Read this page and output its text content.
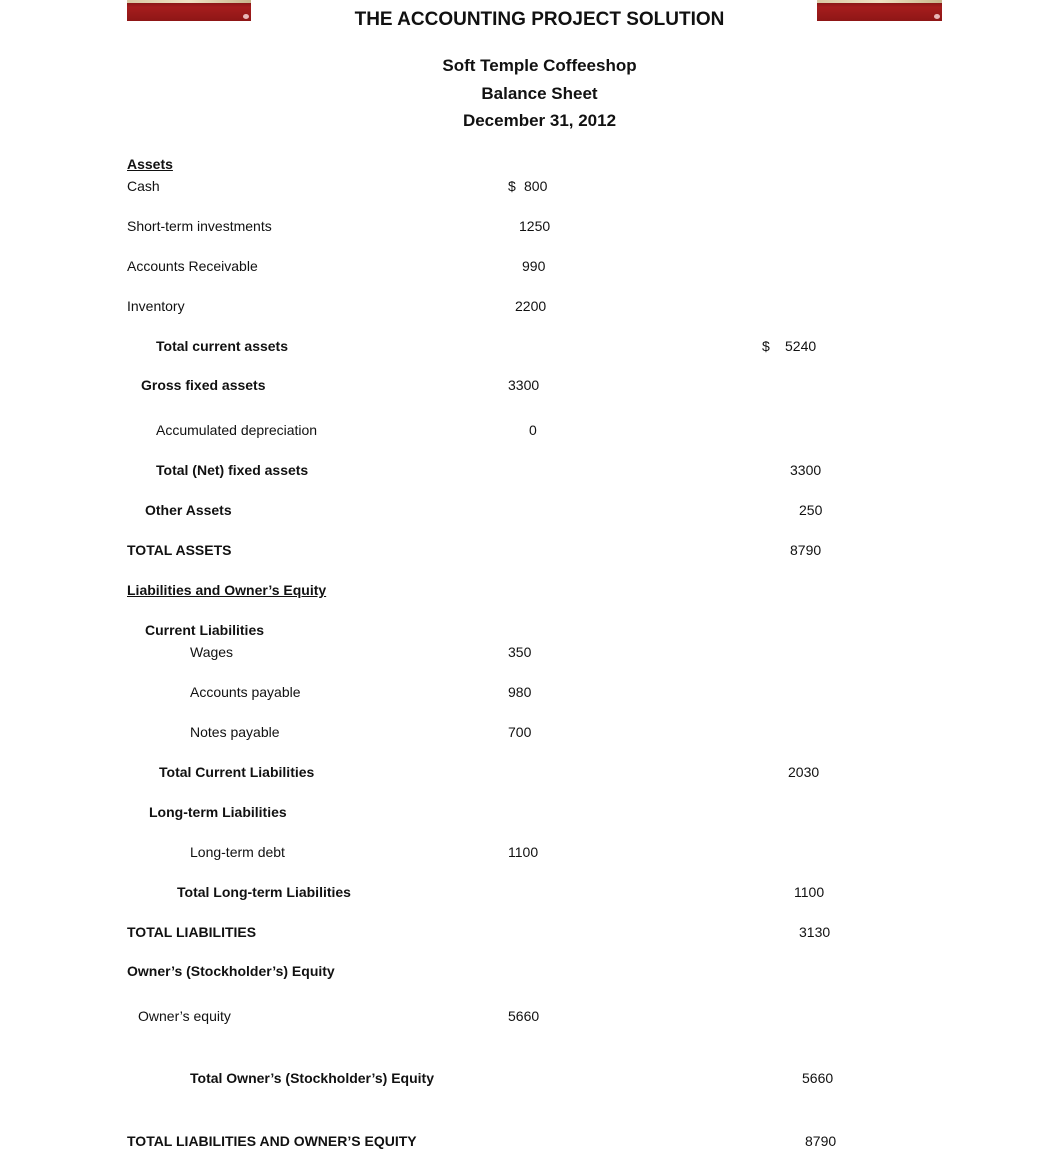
THE ACCOUNTING PROJECT SOLUTION
Soft Temple Coffeeshop
Balance Sheet
December 31, 2012
Assets
Cash	$ 800
Short-term investments	1250
Accounts Receivable	990
Inventory	2200
Total current assets	$ 5240
Gross fixed assets	3300
Accumulated depreciation	0
Total (Net) fixed assets	3300
Other Assets	250
TOTAL ASSETS	8790
Liabilities and Owner’s Equity
Current Liabilities
Wages	350
Accounts payable	980
Notes payable	700
Total Current Liabilities	2030
Long-term Liabilities
Long-term debt	1100
Total Long-term Liabilities	1100
TOTAL LIABILITIES	3130
Owner’s (Stockholder’s) Equity
Owner’s equity	5660
Total Owner’s (Stockholder’s) Equity	5660
TOTAL LIABILITIES AND OWNER’S EQUITY	8790
